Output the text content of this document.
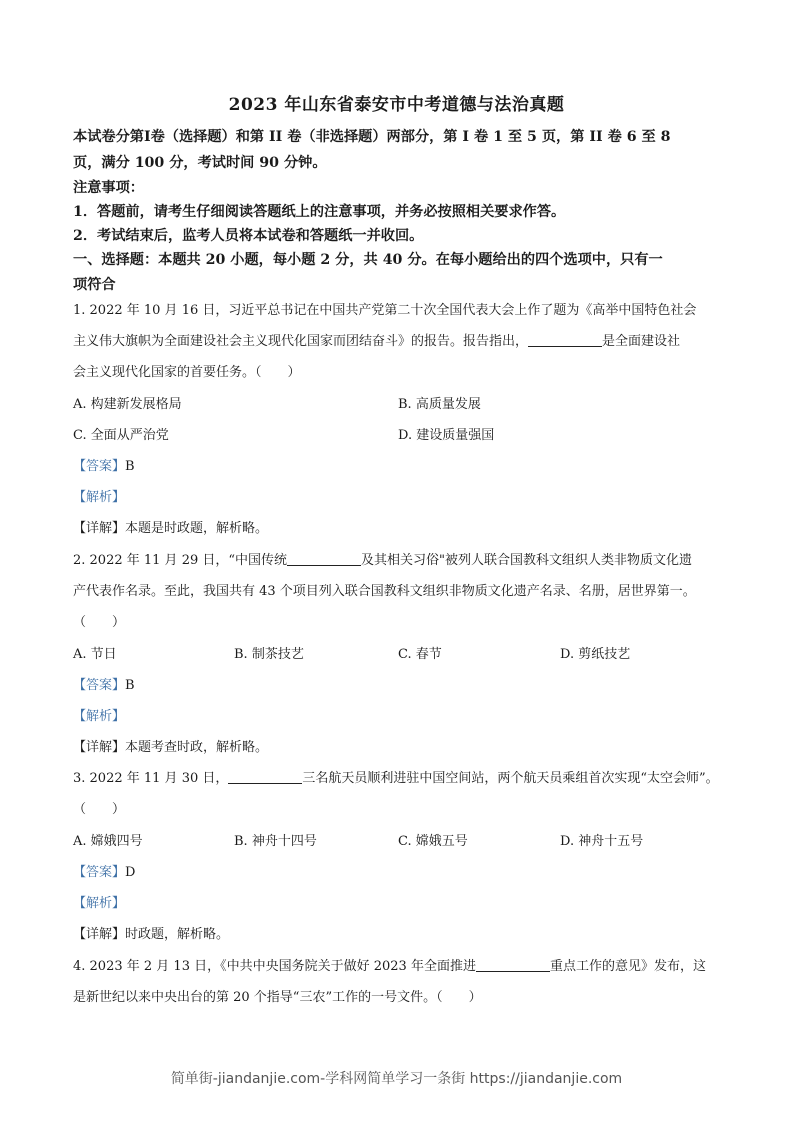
2023 年山东省泰安市中考道德与法治真题
本试卷分第Ⅰ卷（选择题）和第 II 卷（非选择题）两部分，第 I 卷 1 至 5 页，第 II 卷 6 至 8
页，满分 100 分，考试时间 90 分钟。
注意事项：
1．答题前，请考生仔细阅读答题纸上的注意事项，并务必按照相关要求作答。
2．考试结束后，监考人员将本试卷和答题纸一并收回。
一、选择题：本题共 20 小题，每小题 2 分，共 40 分。在每小题给出的四个选项中，只有一
项符合
1. 2022 年 10 月 16 日，习近平总书记在中国共产党第二十次全国代表大会上作了题为《高举中国特色社会
主义伟大旗帜为全面建设社会主义现代化国家而团结奋斗》的报告。报告指出，	是全面建设社
会主义现代化国家的首要任务。（　　）
A. 构建新发展格局	B. 高质量发展
C. 全面从严治党	D. 建设质量强国
【答案】B
【解析】
【详解】本题是时政题，解析略。
2. 2022 年 11 月 29 日，“中国传统	及其相关习俗"被列人联合国教科文组织人类非物质文化遗
产代表作名录。至此，我国共有 43 个项目列入联合国教科文组织非物质文化遗产名录、名册，居世界第一。
（　　）
A. 节日	B. 制茶技艺	C. 春节	D. 剪纸技艺
【答案】B
【解析】
【详解】本题考查时政，解析略。
3. 2022 年 11 月 30 日，	三名航天员顺利进驻中国空间站，两个航天员乘组首次实现“太空会师”。
（　　）
A. 嫦娥四号	B. 神舟十四号	C. 嫦娥五号	D. 神舟十五号
【答案】D
【解析】
【详解】时政题，解析略。
4. 2023 年 2 月 13 日，《中共中央国务院关于做好 2023 年全面推进	重点工作的意见》发布，这
是新世纪以来中央出台的第 20 个指导“三农”工作的一号文件。（　　）
简单街-jiandanjie.com-学科网简单学习一条街 https://jiandanjie.com
